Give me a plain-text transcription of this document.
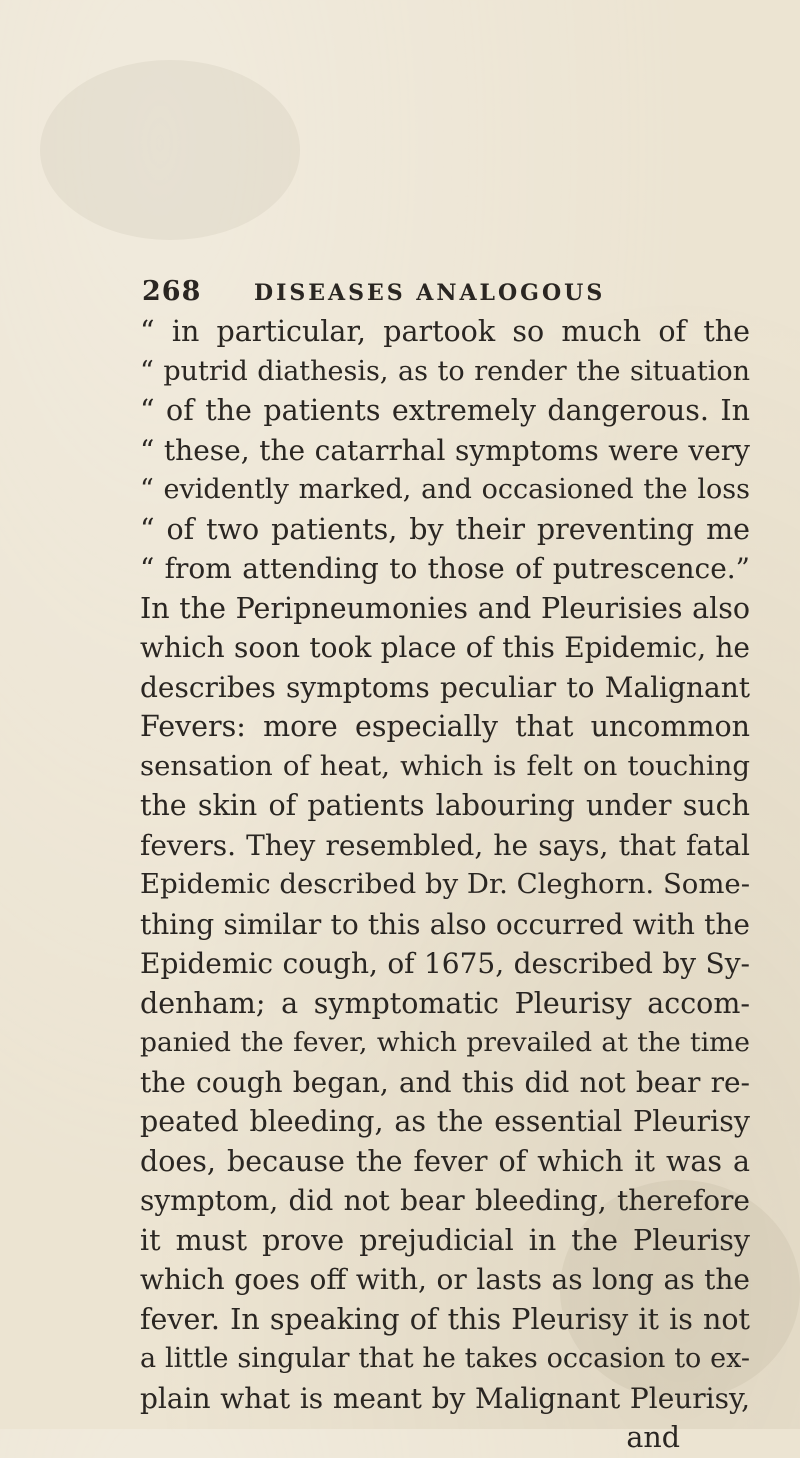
268 DISEASES ANALOGOUS
“ in particular, partook so much of the
“ putrid diathesis, as to render the situation
“ of the patients extremely dangerous. In
“ these, the catarrhal symptoms were very
“ evidently marked, and occasioned the loss
“ of two patients, by their preventing me
“ from attending to those of putrescence.”
In the Peripneumonies and Pleurisies also
which soon took place of this Epidemic, he
describes symptoms peculiar to Malignant
Fevers: more especially that uncommon
sensation of heat, which is felt on touching
the skin of patients labouring under such
fevers. They resembled, he says, that fatal
Epidemic described by Dr. Cleghorn. Some-
thing similar to this also occurred with the
Epidemic cough, of 1675, described by Sy-
denham; a symptomatic Pleurisy accom-
panied the fever, which prevailed at the time
the cough began, and this did not bear re-
peated bleeding, as the essential Pleurisy
does, because the fever of which it was a
symptom, did not bear bleeding, therefore
it must prove prejudicial in the Pleurisy
which goes off with, or lasts as long as the
fever. In speaking of this Pleurisy it is not
a little singular that he takes occasion to ex-
plain what is meant by Malignant Pleurisy,
and
